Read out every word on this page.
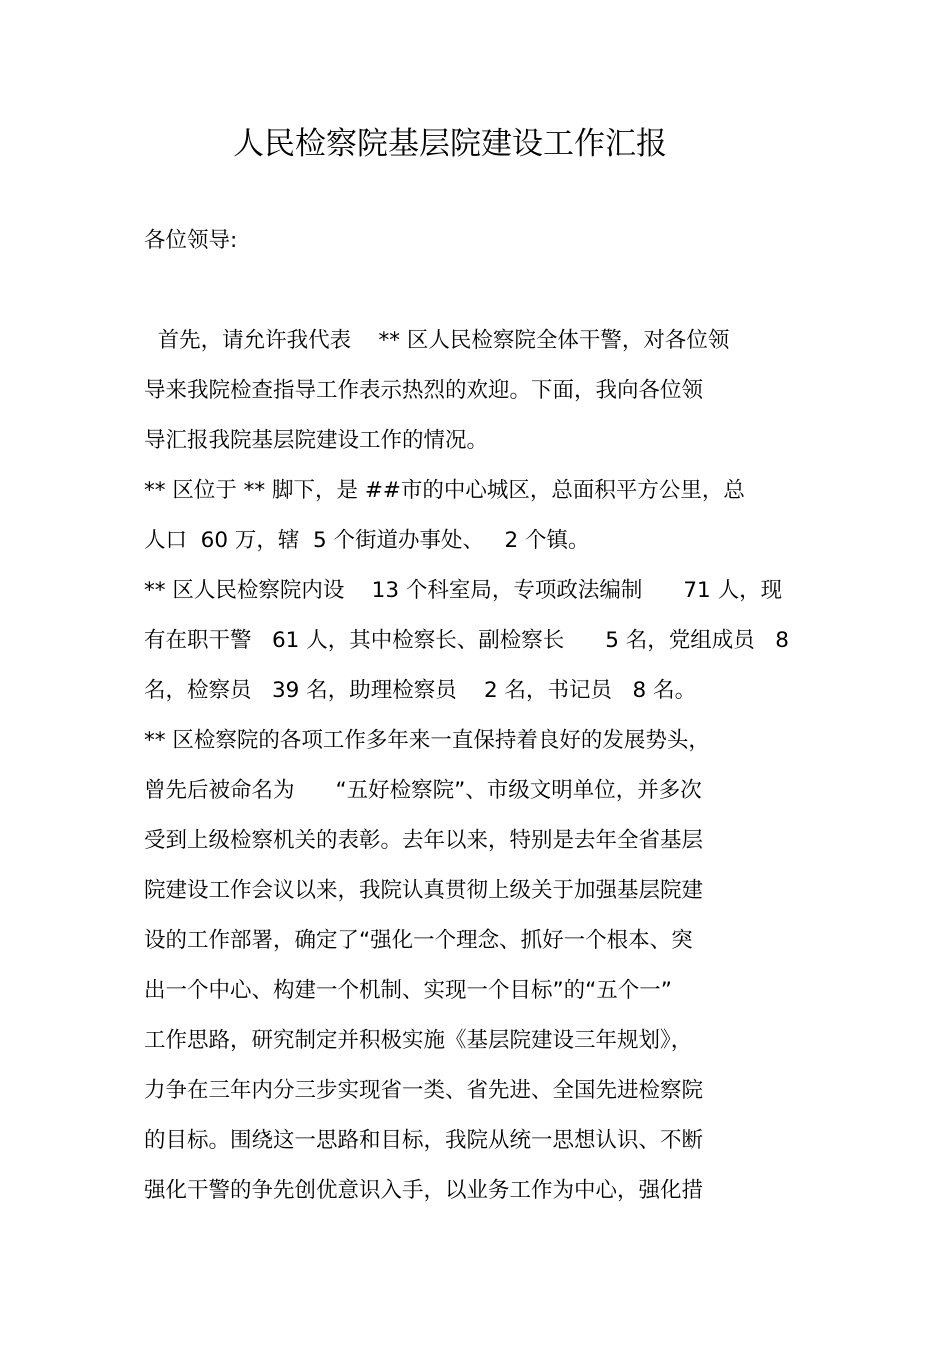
人民检察院基层院建设工作汇报
各位领导:
首先，请允许我代表    ** 区人民检察院全体干警，对各位领
导来我院检查指导工作表示热烈的欢迎。下面，我向各位领
导汇报我院基层院建设工作的情况。
** 区位于 ** 脚下，是 ##市的中心城区，总面积平方公里，总
人口  60 万，辖  5 个街道办事处、   2 个镇。
** 区人民检察院内设    13 个科室局，专项政法编制      71 人，现
有在职干警   61 人，其中检察长、副检察长      5 名，党组成员   8
名，检察员   39 名，助理检察员    2 名，书记员   8 名。
** 区检察院的各项工作多年来一直保持着良好的发展势头，
曾先后被命名为      “五好检察院”、市级文明单位，并多次
受到上级检察机关的表彰。去年以来，特别是去年全省基层
院建设工作会议以来，我院认真贯彻上级关于加强基层院建
设的工作部署，确定了“强化一个理念、抓好一个根本、突
出一个中心、构建一个机制、实现一个目标”的“五个一”
工作思路，研究制定并积极实施《基层院建设三年规划》，
力争在三年内分三步实现省一类、省先进、全国先进检察院
的目标。围绕这一思路和目标，我院从统一思想认识、不断
强化干警的争先创优意识入手，以业务工作为中心，强化措
